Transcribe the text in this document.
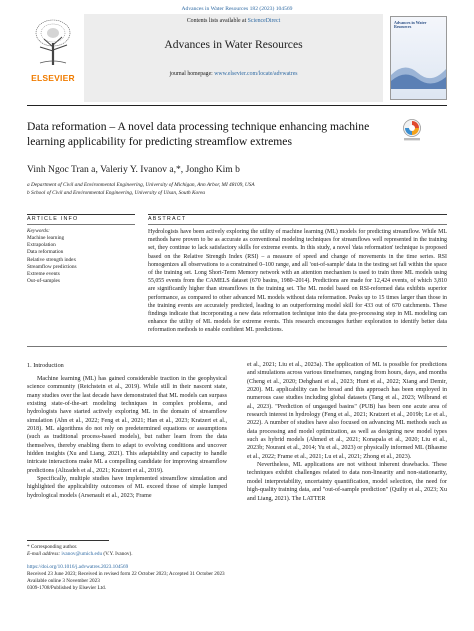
Advances in Water Resources 182 (2023) 104569
ELSEVIER
Contents lists available at ScienceDirect
Advances in Water Resources
journal homepage: www.elsevier.com/locate/advwatres
Advances in Water Resources
Data reformation – A novel data processing technique enhancing machine learning applicability for predicting streamflow extremes
Vinh Ngoc Tran a, Valeriy Y. Ivanov a,*, Jongho Kim b
a Department of Civil and Environmental Engineering, University of Michigan, Ann Arbor, MI 48109, USA
b School of Civil and Environmental Engineering, University of Ulsan, South Korea
ARTICLE INFO	ABSTRACT
Keywords:
Machine learning
Extrapolation
Data reformation
Relative strength index
Streamflow predictions
Extreme events
Out-of-samples
Hydrologists have been actively exploring the utility of machine learning (ML) models for predicting streamflow. While ML methods have proven to be as accurate as conventional modeling techniques for streamflows well represented in the training set, they continue to lack satisfactory skills for extreme events. In this study, a novel 'data reformation' technique is proposed based on the Relative Strength Index (RSI) – a measure of speed and change of movements in the time series. RSI homogenizes all observations to a constrained 0–100 range, and all 'out-of-sample' data in the testing set fall within the space of the training set. Long Short-Term Memory network with an attention mechanism is used to train three ML models using 55,055 events from the CAMELS dataset (670 basins, 1980–2014). Predictions are made for 12,424 events, of which 3,810 are significantly higher than streamflows in the training set. The ML model based on RSI-reformed data exhibits superior performance, as compared to other advanced ML models without data reformation. Peaks up to 15 times larger than those in the training events are accurately predicted, leading to an outperforming model skill for 433 out of 670 catchments. These findings indicate that incorporating a new data reformation technique into the data pre-processing step in ML modeling can enhance the utility of ML models for extreme events. This research encourages further exploration to identify better data reformation methods to enable confident ML predictions.
1. Introduction

Machine learning (ML) has gained considerable traction in the geophysical science community (Reichstein et al., 2019). While still in their nascent state, many studies over the last decade have demonstrated that ML models can surpass existing state-of-the-art modeling techniques in complex problems, and hydrologists have started actively exploring ML in the domain of streamflow simulation (Ahn et al., 2022; Feng et al., 2021; Han et al., 2023; Kratzert et al., 2018). ML algorithms do not rely on predetermined equations or assumptions (such as traditional process-based models), but rather learn from the data themselves, thereby enabling them to adapt to evolving conditions and uncover hidden insights (Xu and Liang, 2021). This adaptability and capacity to handle intricate interactions make ML a compelling candidate for improving streamflow predictions (Alizadeh et al., 2021; Kratzert et al., 2019).

Specifically, multiple studies have implemented streamflow simulation and highlighted the applicability outcomes of ML exceed those of simple lumped hydrological models (Arsenault et al., 2023; Frame

et al., 2021; Liu et al., 2023a). The application of ML is possible for predictions and simulations across various timeframes, ranging from hours, days, and months (Cheng et al., 2020; Dehghani et al., 2023; Hunt et al., 2022; Xiang and Demir, 2020). ML applicability can be broad and this approach has been employed in numerous case studies including global datasets (Tang et al., 2023; Wilbrand et al., 2023). "Prediction of ungauged basins" (PUB) has been one acute area of research interest in hydrology (Feng et al., 2021; Kratzert et al., 2019b; Le et al., 2022). A number of studies have also focused on advancing ML methods such as data processing and model optimization, as well as designing new model types such as hybrid models (Ahmed et al., 2021; Konapala et al., 2020; Liu et al., 2023b; Nourani et al., 2014; Yu et al., 2023) or physically informed ML (Bhasme et al., 2022; Frame et al., 2021; Lu et al., 2021; Zhong et al., 2023).

Nevertheless, ML applications are not without inherent drawbacks. These techniques exhibit challenges related to data non-linearity and non-stationarity, model interpretability, uncertainty quantification, model selection, the need for high-quality training data, and "out-of-sample prediction" (Quilty et al., 2023; Xu and Liang, 2021). The LATTER

* Corresponding author.
E-mail address: ivanov@umich.edu (V.Y. Ivanov).
https://doi.org/10.1016/j.advwatres.2023.104569
Received 23 June 2023; Received in revised form 22 October 2023; Accepted 31 October 2023
Available online 3 November 2023
0309-1708/Published by Elsevier Ltd.
